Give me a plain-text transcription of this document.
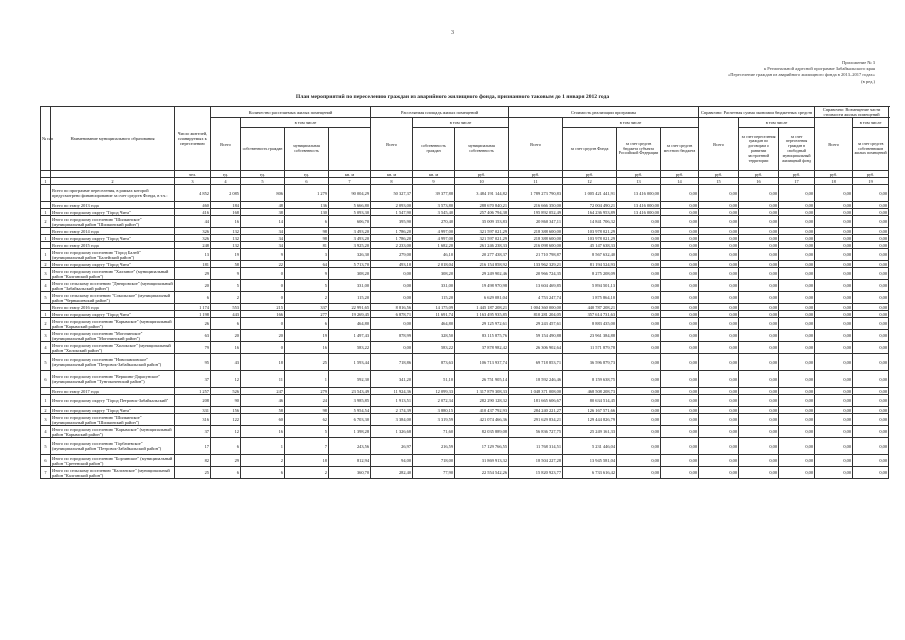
3
Приложение № 3
к Региональной адресной программе Забайкальского края
«Переселение граждан из аварийного жилищного фонда в 2013–2017 годах»
(в ред.)
План мероприятий по переселению граждан из аварийного жилищного фонда, признанного таковым до 1 января 2012 года
№ п/п	Наименование муниципального образования	Число жителей, планируемых к переселению	Количество расселяемых жилых помещений				Расселяемая площадь жилых помещений			Стоимость реализации программы				Справочно: Расчетная сумма экономии бюджетных средств			Справочно: Возмещение части стоимости жилых помещений		
			Всего	в том числе			Всего	в том числе		Всего	в том числе			Всего	в том числе		Всего	в том числе	
				собственность граждан	муниципальная собственность			собственность граждан	муниципальная собственность		за счет средств Фонда	за счет средств бюджета субъекта Российской Федерации	за счет средств местного бюджета		за счет переселения граждан по договорам о развитии застроенной территории	за счет переселения граждан в свободный муниципальный жилищный фонд		за счет средств собственников жилых помещений	
		чел.	ед.	ед.	ед.	кв. м	кв. м	кв. м	руб.	руб.	руб.	руб.	руб.	руб.	руб.	руб.	руб.	руб.	
1	2	3	4	5	6	7	8	9	10	11	12	13	14	15	16	17	18	19	
	Всего по программе переселения, в рамках которой предусмотрено финансирование за счет средств Фонда, в т.ч.:	4 852	2 085	806	1 279	90 004,29	50 327,37	39 377,88	3 484 191 144,82	1 789 273 790,83	1 005 421 441,91	13 416 000,00	0,00	0,00	0,00	0,00	0,00	0,00	
	Всего по этапу 2013 года	460	184	48	136	5 666,80	2 093,00	3 573,80	288 670 840,21	216 666 350,00	72 004 490,21	13 416 000,00	0,00	0,00	0,00	0,00	0,00	0,00	
1	Итого по городскому округу "Город Чита"	416	168	38	130	5 093,30	1 547,90	3 545,40	257 406 794,38	195 892 052,49	164 236 953,89	13 416 000,00	0,00	0,00	0,00	0,00	0,00	0,00	
2	Итого по городскому поселению "Шилкинское" (муниципальный район "Шилкинский район")	44	16	14	6	606,70	395,90	270,40	35 009 153,83	20 860 347,11	14 841 706,32	0,00	0,00	0,00	0,00	0,00	0,00	0,00	
	Всего по этапу 2014 года	326	132	34	98	3 493,20	1 786,20	4 997,00	321 597 021,29	218 388 600,00	103 978 021,29	0,00	0,00	0,00	0,00	0,00	0,00	0,00	
1	Итого по городскому округу "Город Чита"	326	132	34	98	3 493,20	1 786,20	4 997,00	321 597 021,29	218 388 600,00	103 978 021,29	0,00	0,00	0,00	0,00	0,00	0,00	0,00	
	Всего по этапу 2015 года	248	132	34	81	3 925,20	2 233,00	1 682,20	261 246 238,33	216 098 600,00	45 147 638,33	0,00	0,00	0,00	0,00	0,00	0,00	0,00	
1	Итого по городскому поселению "Город Балей" (муниципальный район "Балейский район")	13	19	9	3	326,30	279,00	46,10	20 277 438,37	21 710 798,87	8 567 632,40	0,00	0,00	0,00	0,00	0,00	0,00	0,00	
2	Итого по городскому округу "Город Чита"	181	58	22	64	5 713,70	493,10	2 018,04	216 154 858,92	133 962 329,21	81 194 524,93	0,00	0,00	0,00	0,00	0,00	0,00	0,00	
3	Итого по городскому поселению "Халзаное" (муниципальный район "Калганский район")	29	9	0	9	308,20	0,00	308,20	29 249 902,46	20 966 724,35	8 275 208,09	0,00	0,00	0,00	0,00	0,00	0,00	0,00	
4	Итого по сельскому поселению "Днепровское" (муниципальный район "Забайкальский район")	20	5	0	5	331,00	0,00	331,00	19 498 970,98	13 604 469,85	5 894 501,13	0,00	0,00	0,00	0,00	0,00	0,00	0,00	
5	Итого по сельскому поселению "Сокольское" (муниципальный район "Чернышевский район")	6	2	0	2	115,20	0,00	115,20	6 629 081,04	4 753 247,74	1 875 864,10	0,00	0,00	0,00	0,00	0,00	0,00	0,00	
	Всего по этапу 2016 года	1 174	553	215	337	22 991,65	8 816,56	14 175,09	1 445 187 208,21	1 004 360 000,00	440 787 208,21	0,00	0,00	0,00	0,00	0,00	0,00	0,00	
1	Итого по городскому округу "Город Чита"	1 198	443	166	277	19 269,45	6 878,71	11 691,74	1 163 495 935,85	810 281 204,05	357 614 731,63	0,00	0,00	0,00	0,00	0,00	0,00	0,00	
2	Итого по городскому поселению "Карымское" (муниципальный район "Карымский район")	26	6	0	6	464,80	0,00	464,80	29 125 972,61	29 243 457,61	8 883 435,00	0,00	0,00	0,00	0,00	0,00	0,00	0,00	
3	Итого по городскому поселению "Могочинское" (муниципальный район "Могочинский район")	63	20	20	19	1 497,43	878,99	328,50	83 115 875,76	59 154 490,88	23 961 384,88	0,00	0,00	0,00	0,00	0,00	0,00	0,00	
4	Итого по городскому поселению "Хилокское" (муниципальный район "Хилокский район")	79	16	0	16	583,22	0,00	583,22	37 878 982,42	26 306 902,64	11 571 879,78	0,00	0,00	0,00	0,00	0,00	0,00	0,00	
5	Итого по городскому поселению "Новопавловское" (муниципальный район "Петровск-Забайкальский район")	95	43	18	25	1 593,44	718,86	873,63	106 713 937,74	69 718 853,71	36 596 879,73	0,00	0,00	0,00	0,00	0,00	0,00	0,00	
6	Итого по городскому поселению "Вершино-Дарасунское" (муниципальный район "Тунгокоченский район")	37	12	11	1	592,30	341,20	51,10	26 751 905,14	18 592 246,46	8 159 638,75	0,00	0,00	0,00	0,00	0,00	0,00	0,00	
	Всего по этапу 2017 года	1 257	526	247	279	23 543,49	11 924,36	12 099,33	1 317 879 308,33	1 048 371 008,00	468 508 208,73	0,00	0,00	0,00	0,00	0,00	0,00	0,00	
1	Итого по городскому округу "Город Петровск-Забайкальский"	208	90	46	24	3 985,85	1 913,51	2 072,34	282 290 128,32	181 665 606,67	80 634 514,45	0,00	0,00	0,00	0,00	0,00	0,00	0,00	
2	Итого по городскому округу "Город Чита"	331	156	58	98	5 954,54	2 174,39	3 880,15	410 437 792,93	284 240 221,27	126 167 571,66	0,00	0,00	0,00	0,00	0,00	0,00	0,00	
3	Итого по городскому поселению "Шилкинское" (муниципальный район "Шилкинский район")	316	122	60	62	6 703,30	3 384,00	3 319,59	421 074 466,36	291 629 834,21	129 444 826,79	0,00	0,00	0,00	0,00	0,00	0,00	0,00	
4	Итого по городскому поселению "Карымское" (муниципальный район "Карымский район")	37	12	16	5	1 398,28	1 326,68	71,60	82 035 889,08	56 836 727,75	25 249 161,33	0,00	0,00	0,00	0,00	0,00	0,00	0,00	
5	Итого по городскому поселению "Горбачевское" (муниципальный район "Петровск-Забайкальский район")	17	6	1	7	243,56	26,97	216,59	17 129 766,55	11 768 314,51	5 231 446,04	0,00	0,00	0,00	0,00	0,00	0,00	0,00	
6	Итого по городскому поселению "Борзинское" (муниципальный район "Сретенский район")	82	29	2	18	812,94	94,00	718,00	31 869 913,32	18 504 227,28	13 945 581,04	0,00	0,00	0,00	0,00	0,00	0,00	0,00	
7	Итого по сельскому поселению "Калганское" (муниципальный район "Калганский район")	25	6	6	2	360,70	282,40	77,90	22 554 542,26	15 820 923,77	6 733 616,42	0,00	0,00	0,00	0,00	0,00	0,00	0,00	
